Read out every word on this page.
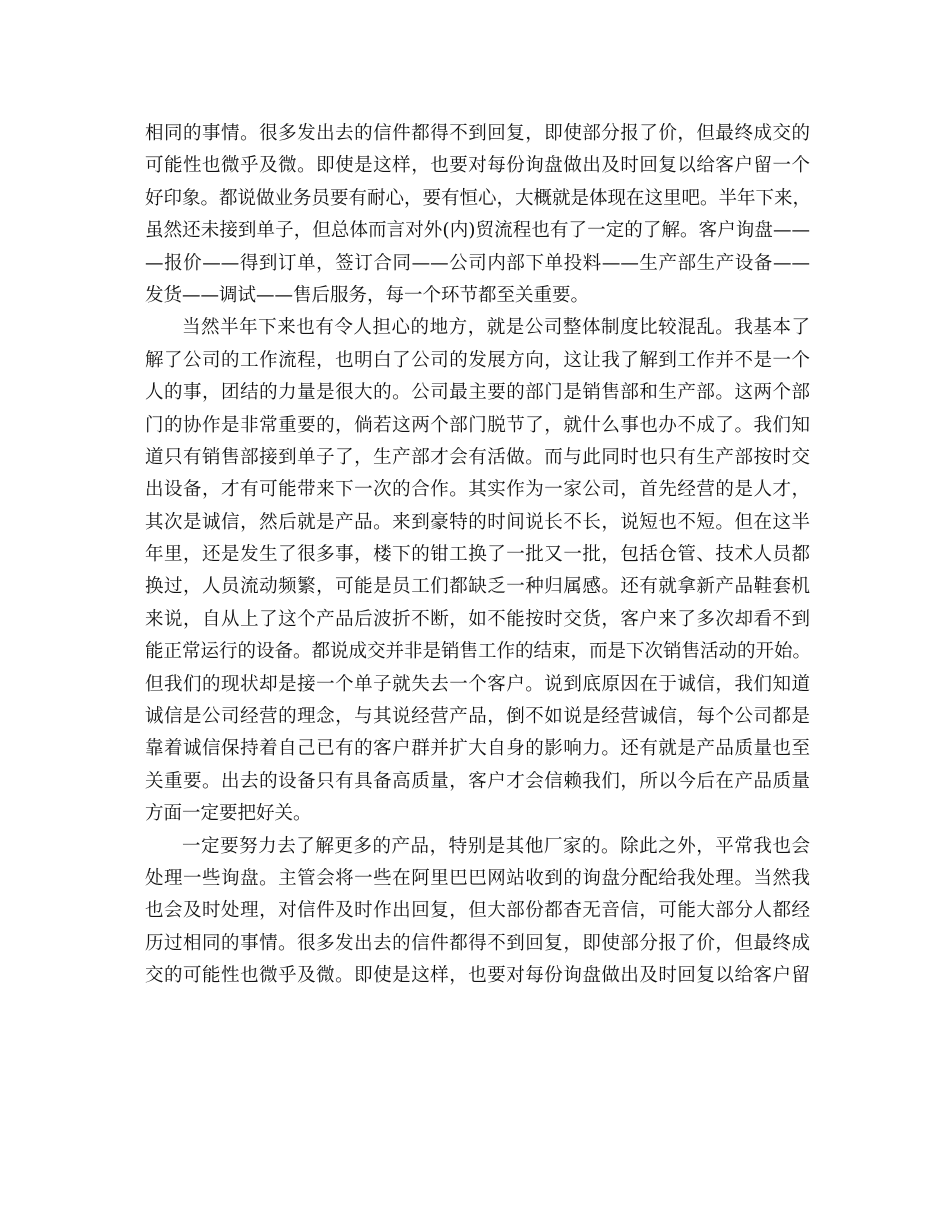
相同的事情。很多发出去的信件都得不到回复，即使部分报了价，但最终成交的
可能性也微乎及微。即使是这样，也要对每份询盘做出及时回复以给客户留一个
好印象。都说做业务员要有耐心，要有恒心，大概就是体现在这里吧。半年下来，
虽然还未接到单子，但总体而言对外(内)贸流程也有了一定的了解。客户询盘——
—报价——得到订单，签订合同——公司内部下单投料——生产部生产设备——
发货——调试——售后服务，每一个环节都至关重要。
当然半年下来也有令人担心的地方，就是公司整体制度比较混乱。我基本了
解了公司的工作流程，也明白了公司的发展方向，这让我了解到工作并不是一个
人的事，团结的力量是很大的。公司最主要的部门是销售部和生产部。这两个部
门的协作是非常重要的，倘若这两个部门脱节了，就什么事也办不成了。我们知
道只有销售部接到单子了，生产部才会有活做。而与此同时也只有生产部按时交
出设备，才有可能带来下一次的合作。其实作为一家公司，首先经营的是人才，
其次是诚信，然后就是产品。来到豪特的时间说长不长，说短也不短。但在这半
年里，还是发生了很多事，楼下的钳工换了一批又一批，包括仓管、技术人员都
换过，人员流动频繁，可能是员工们都缺乏一种归属感。还有就拿新产品鞋套机
来说，自从上了这个产品后波折不断，如不能按时交货，客户来了多次却看不到
能正常运行的设备。都说成交并非是销售工作的结束，而是下次销售活动的开始。
但我们的现状却是接一个单子就失去一个客户。说到底原因在于诚信，我们知道
诚信是公司经营的理念，与其说经营产品，倒不如说是经营诚信，每个公司都是
靠着诚信保持着自己已有的客户群并扩大自身的影响力。还有就是产品质量也至
关重要。出去的设备只有具备高质量，客户才会信赖我们，所以今后在产品质量
方面一定要把好关。
一定要努力去了解更多的产品，特别是其他厂家的。除此之外，平常我也会
处理一些询盘。主管会将一些在阿里巴巴网站收到的询盘分配给我处理。当然我
也会及时处理，对信件及时作出回复，但大部份都杳无音信，可能大部分人都经
历过相同的事情。很多发出去的信件都得不到回复，即使部分报了价，但最终成
交的可能性也微乎及微。即使是这样，也要对每份询盘做出及时回复以给客户留
